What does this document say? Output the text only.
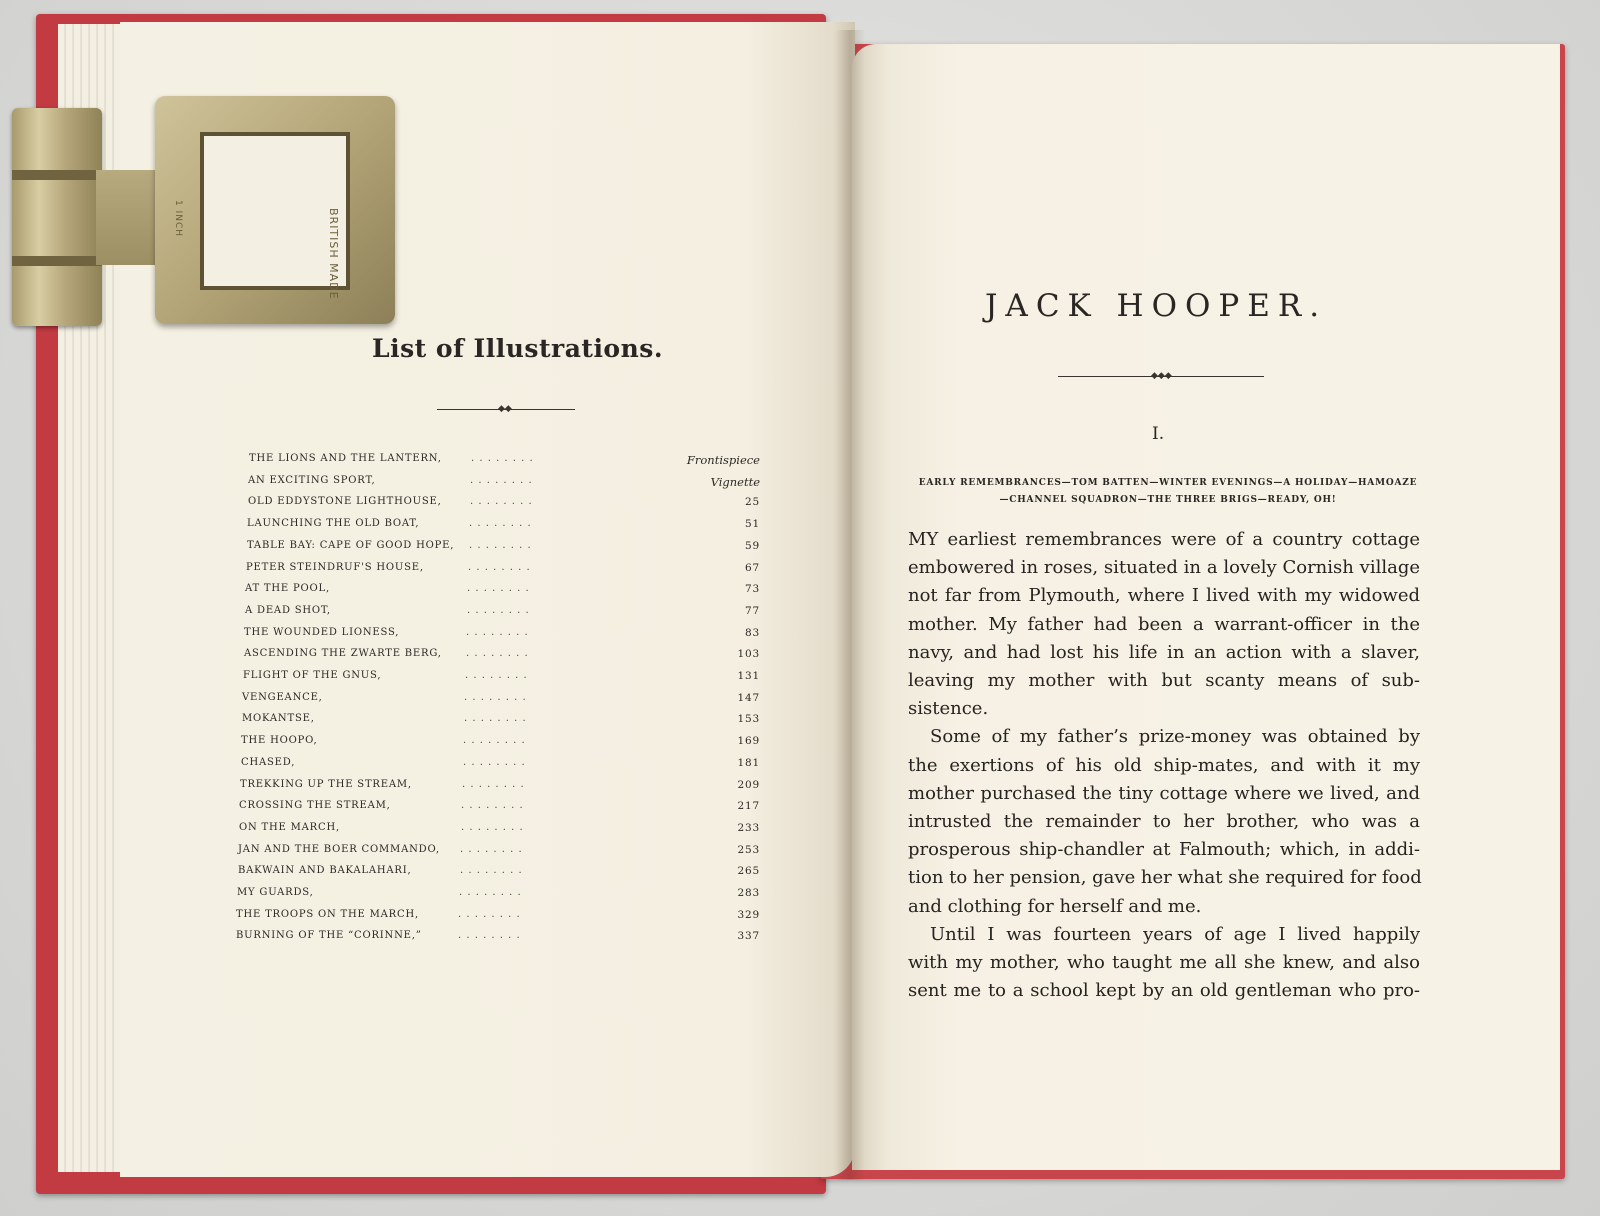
BRITISH MADE
1 INCH
List of Illustrations.
◆◆
THE LIONS AND THE LANTERN,	. . . . . . . .	Frontispiece
AN EXCITING SPORT,	. . . . . . . .	Vignette
OLD EDDYSTONE LIGHTHOUSE,	. . . . . . . .	25
LAUNCHING THE OLD BOAT,	. . . . . . . .	51
TABLE BAY: CAPE OF GOOD HOPE, . . . . . . . .	59
PETER STEINDRUF'S HOUSE,	. . . . . . . .	67
AT THE POOL,	. . . . . . . .	73
A DEAD SHOT,	. . . . . . . .	77
THE WOUNDED LIONESS,	. . . . . . . .	83
ASCENDING THE ZWARTE BERG, . . . . . . . .	103
FLIGHT OF THE GNUS,	. . . . . . . .	131
VENGEANCE,	. . . . . . . .	147
MOKANTSE,	. . . . . . . .	153
THE HOOPO,	. . . . . . . .	169
CHASED,	. . . . . . . .	181
TREKKING UP THE STREAM,	. . . . . . . .	209
CROSSING THE STREAM,	. . . . . . . .	217
ON THE MARCH,	. . . . . . . .	233
JAN AND THE BOER COMMANDO, . . . . . . . .	253
BAKWAIN AND BAKALAHARI,	. . . . . . . .	265
MY GUARDS,	. . . . . . . .	283
THE TROOPS ON THE MARCH,	. . . . . . . .	329
BURNING OF THE “CORINNE,”	. . . . . . . .	337
JACK HOOPER.
◆◆◆
I.
EARLY REMEMBRANCES—TOM BATTEN—WINTER EVENINGS—A HOLIDAY—HAMOAZE
—CHANNEL SQUADRON—THE THREE BRIGS—READY, OH!
MY earliest remembrances were of a country cottage
embowered in roses, situated in a lovely Cornish village
not far from Plymouth, where I lived with my widowed
mother. My father had been a warrant-officer in the
navy, and had lost his life in an action with a slaver,
leaving my mother with but scanty means of sub-
sistence.
Some of my father’s prize-money was obtained by
the exertions of his old ship-mates, and with it my
mother purchased the tiny cottage where we lived, and
intrusted the remainder to her brother, who was a
prosperous ship-chandler at Falmouth; which, in addi-
tion to her pension, gave her what she required for food
and clothing for herself and me.
Until I was fourteen years of age I lived happily
with my mother, who taught me all she knew, and also
sent me to a school kept by an old gentleman who pro-
